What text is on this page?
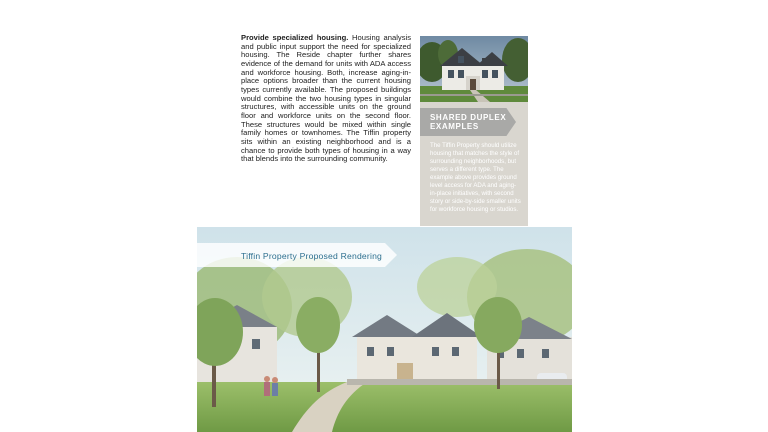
Provide specialized housing. Housing analysis and public input support the need for specialized housing. The Reside chapter further shares evidence of the demand for units with ADA access and workforce housing. Both, increase aging-in-place options broader than the current housing types currently available. The proposed buildings would combine the two housing types in singular structures, with accessible units on the ground floor and workforce units on the second floor. These structures would be mixed within single family homes or townhomes. The Tiffin property sits within an existing neighborhood and is a chance to provide both types of housing in a way that blends into the surrounding community.
SHARED DUPLEX EXAMPLES
The Tiffin Property should utilize housing that matches the style of surrounding neighborhoods, but serves a different type. The example above provides ground level access for ADA and aging-in-place initiatives, with second story or side-by-side smaller units for workforce housing or studios.
Tiffin Property Proposed Rendering
